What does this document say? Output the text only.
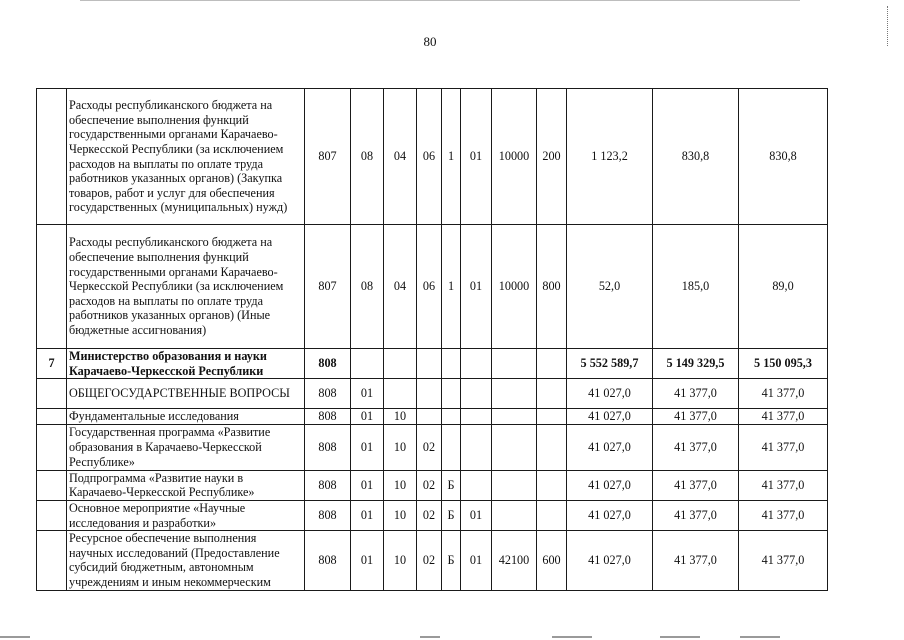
80
	Расходы республиканского бюджета на обеспечение выполнения функций государственными органами Карачаево-Черкесской Республики (за исключением расходов на выплаты по оплате труда работников указанных органов) (Закупка товаров, работ и услуг для обеспечения государственных (муниципальных) нужд)	807	08	04	06	1	01	10000	200	1 123,2	830,8	830,8
	Расходы республиканского бюджета на обеспечение выполнения функций государственными органами Карачаево-Черкесской Республики (за исключением расходов на выплаты по оплате труда работников указанных органов) (Иные бюджетные ассигнования)	807	08	04	06	1	01	10000	800	52,0	185,0	89,0
7	Министерство образования и науки Карачаево-Черкесской Республики	808								5 552 589,7	5 149 329,5	5 150 095,3
	ОБЩЕГОСУДАРСТВЕННЫЕ ВОПРОСЫ	808	01							41 027,0	41 377,0	41 377,0
	Фундаментальные исследования	808	01	10						41 027,0	41 377,0	41 377,0
	Государственная программа «Развитие образования в Карачаево-Черкесской Республике»	808	01	10	02					41 027,0	41 377,0	41 377,0
	Подпрограмма «Развитие науки в Карачаево-Черкесской Республике»	808	01	10	02	Б				41 027,0	41 377,0	41 377,0
	Основное мероприятие «Научные исследования и разработки»	808	01	10	02	Б	01			41 027,0	41 377,0	41 377,0
	Ресурсное обеспечение выполнения научных исследований (Предоставление субсидий бюджетным, автономным учреждениям и иным некоммерческим	808	01	10	02	Б	01	42100	600	41 027,0	41 377,0	41 377,0
